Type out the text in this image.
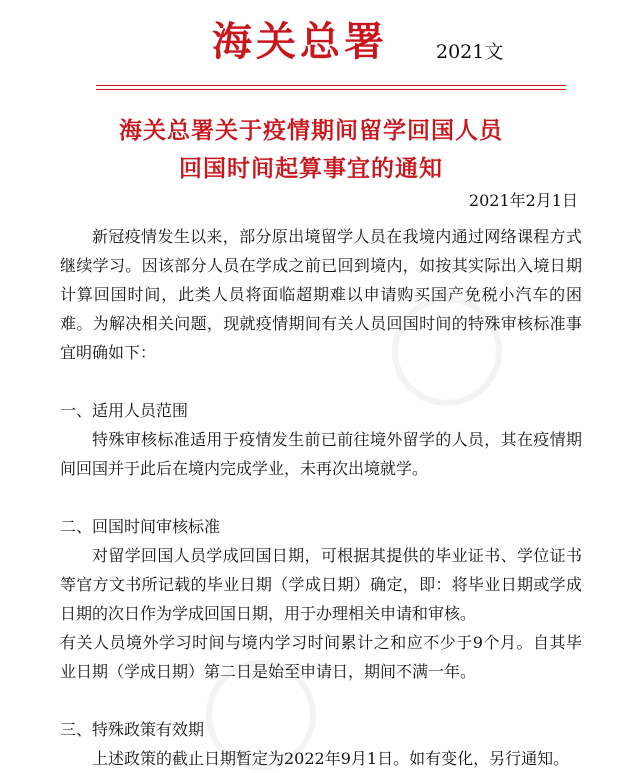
海关总署	2021文
海关总署关于疫情期间留学回国人员
回国时间起算事宜的通知
2021年2月1日

新冠疫情发生以来，部分原出境留学人员在我境内通过网络课程方式继续学习。因该部分人员在学成之前已回到境内，如按其实际出入境日期计算回国时间，此类人员将面临超期难以申请购买国产免税小汽车的困难。为解决相关问题，现就疫情期间有关人员回国时间的特殊审核标准事宜明确如下：

一、适用人员范围

特殊审核标准适用于疫情发生前已前往境外留学的人员，其在疫情期间回国并于此后在境内完成学业，未再次出境就学。

二、回国时间审核标准

对留学回国人员学成回国日期，可根据其提供的毕业证书、学位证书等官方文书所记载的毕业日期（学成日期）确定，即：将毕业日期或学成日期的次日作为学成回国日期，用于办理相关申请和审核。

有关人员境外学习时间与境内学习时间累计之和应不少于9个月。自其毕业日期（学成日期）第二日是始至申请日，期间不满一年。

三、特殊政策有效期

上述政策的截止日期暂定为2022年9月1日。如有变化，另行通知。
